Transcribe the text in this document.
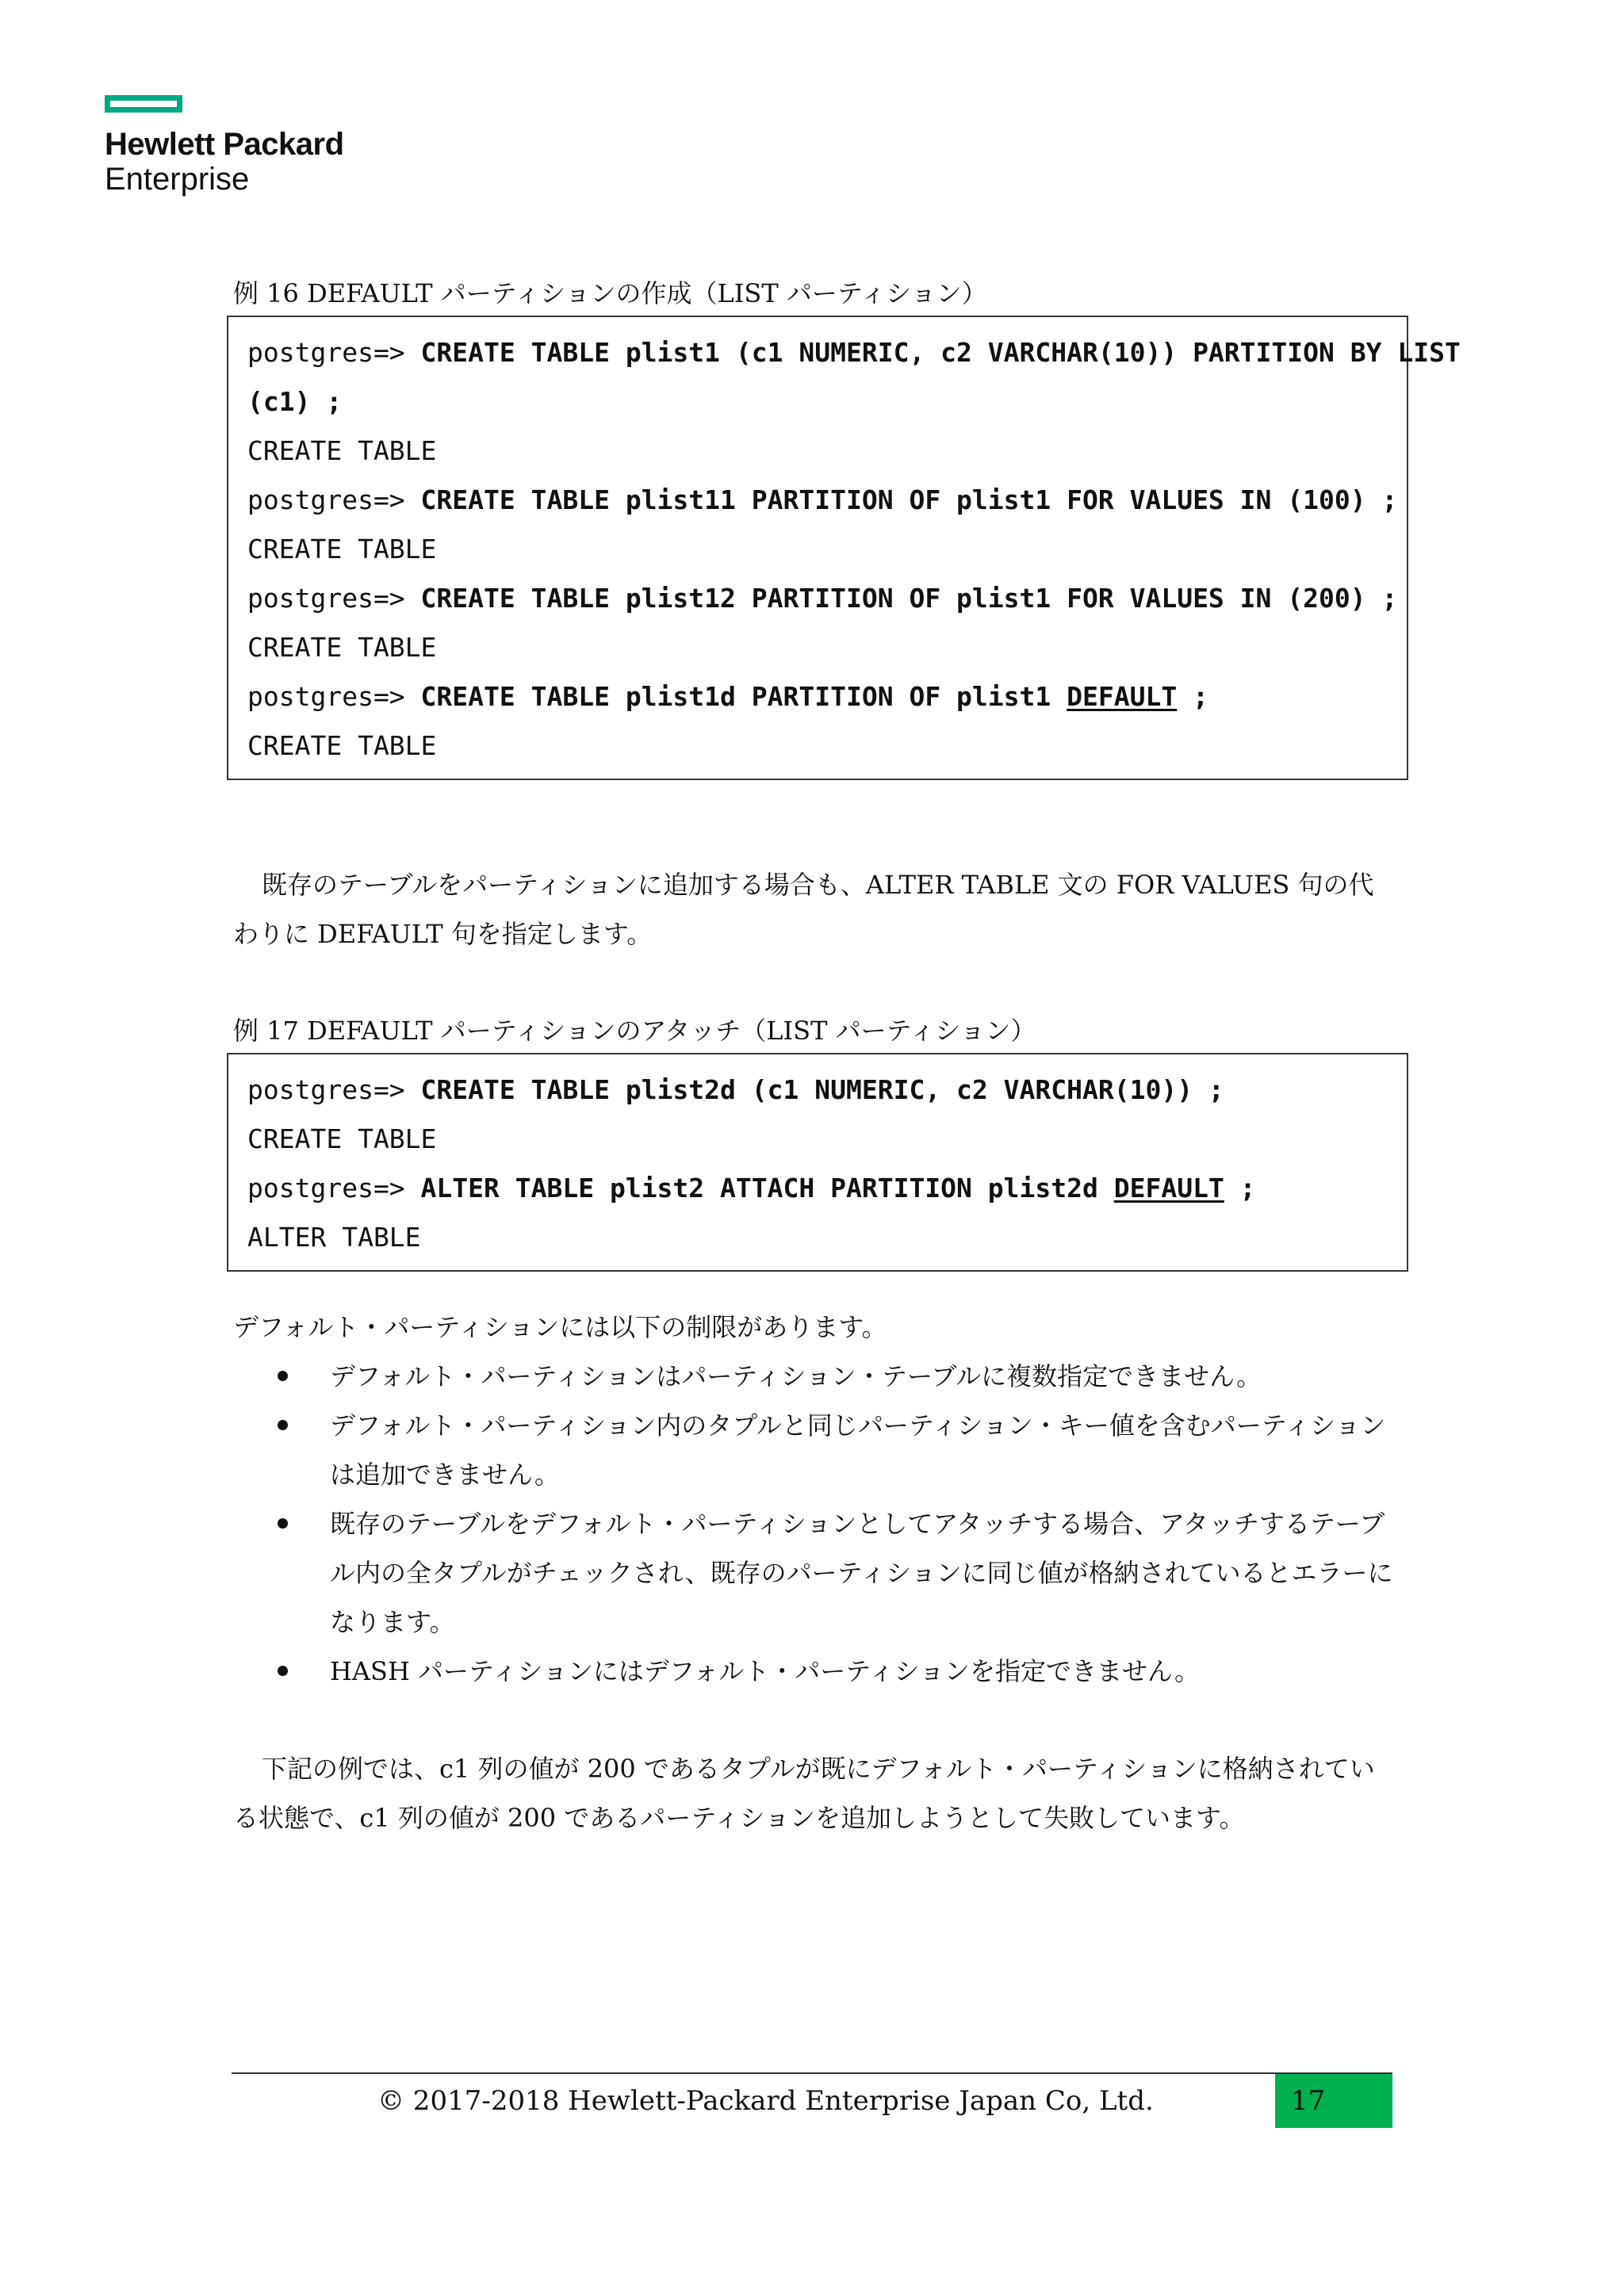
Hewlett Packard
Enterprise
例 16 DEFAULT パーティションの作成（LIST パーティション）
postgres=> CREATE TABLE plist1 (c1 NUMERIC, c2 VARCHAR(10)) PARTITION BY LIST
(c1) ;
CREATE TABLE
postgres=> CREATE TABLE plist11 PARTITION OF plist1 FOR VALUES IN (100) ;
CREATE TABLE
postgres=> CREATE TABLE plist12 PARTITION OF plist1 FOR VALUES IN (200) ;
CREATE TABLE
postgres=> CREATE TABLE plist1d PARTITION OF plist1 DEFAULT ;
CREATE TABLE
既存のテーブルをパーティションに追加する場合も、ALTER TABLE 文の FOR VALUES 句の代わりに DEFAULT 句を指定します。
例 17 DEFAULT パーティションのアタッチ（LIST パーティション）
postgres=> CREATE TABLE plist2d (c1 NUMERIC, c2 VARCHAR(10)) ;
CREATE TABLE
postgres=> ALTER TABLE plist2 ATTACH PARTITION plist2d DEFAULT ;
ALTER TABLE
デフォルト・パーティションには以下の制限があります。
デフォルト・パーティションはパーティション・テーブルに複数指定できません。
デフォルト・パーティション内のタプルと同じパーティション・キー値を含むパーティションは追加できません。
既存のテーブルをデフォルト・パーティションとしてアタッチする場合、アタッチするテーブル内の全タプルがチェックされ、既存のパーティションに同じ値が格納されているとエラーになります。
HASH パーティションにはデフォルト・パーティションを指定できません。
下記の例では、c1 列の値が 200 であるタプルが既にデフォルト・パーティションに格納されている状態で、c1 列の値が 200 であるパーティションを追加しようとして失敗しています。
© 2017-2018 Hewlett-Packard Enterprise Japan Co, Ltd.	17
